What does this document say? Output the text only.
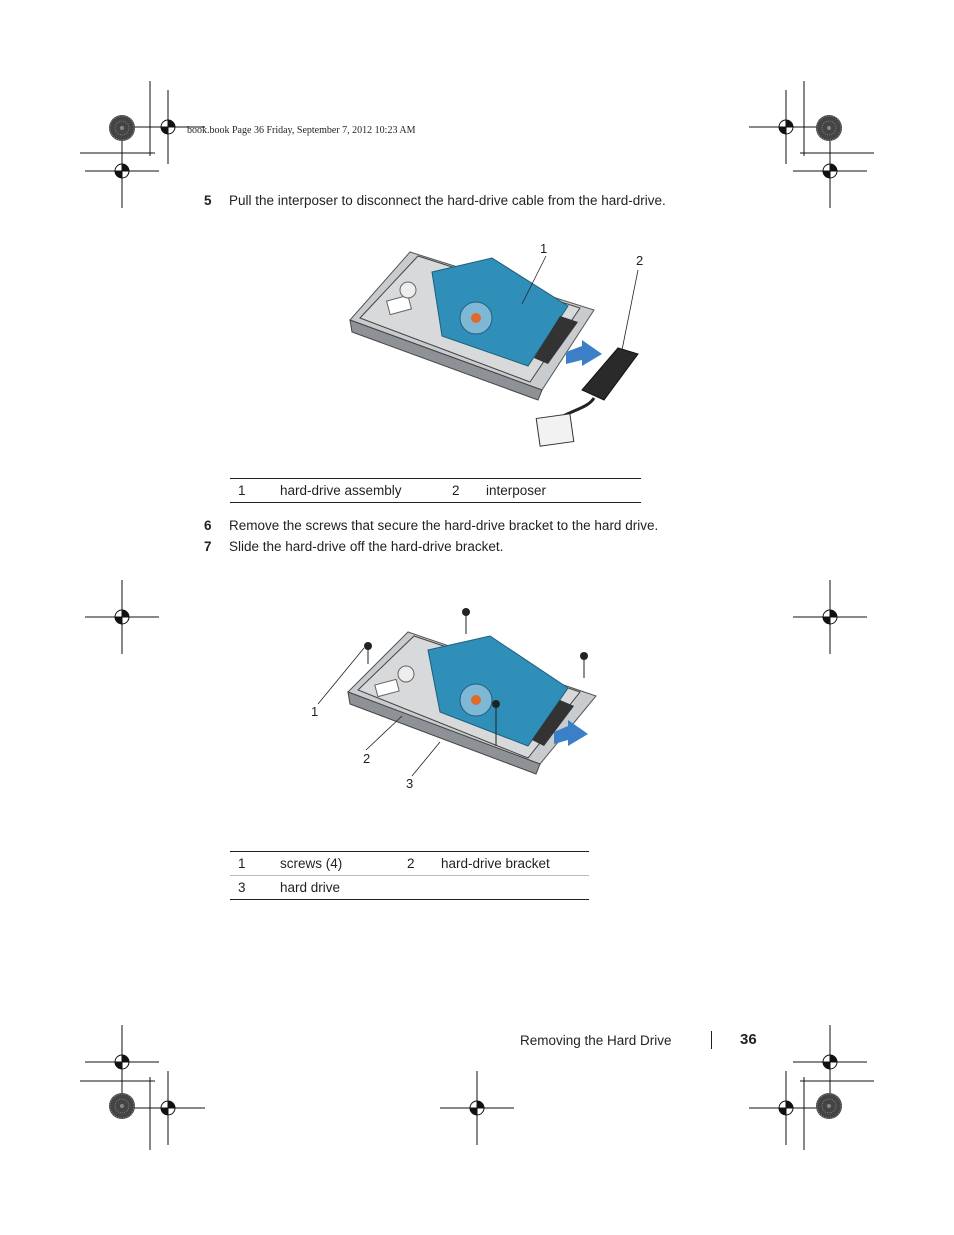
book.book Page 36 Friday, September 7, 2012 10:23 AM
5 Pull the interposer to disconnect the hard-drive cable from the hard-drive.
1
2
1	hard-drive assembly	2	interposer
6 Remove the screws that secure the hard-drive bracket to the hard drive.
7 Slide the hard-drive off the hard-drive bracket.
1
2
3
1	screws (4)	2	hard-drive bracket
3	hard drive		
Removing the Hard Drive	36
